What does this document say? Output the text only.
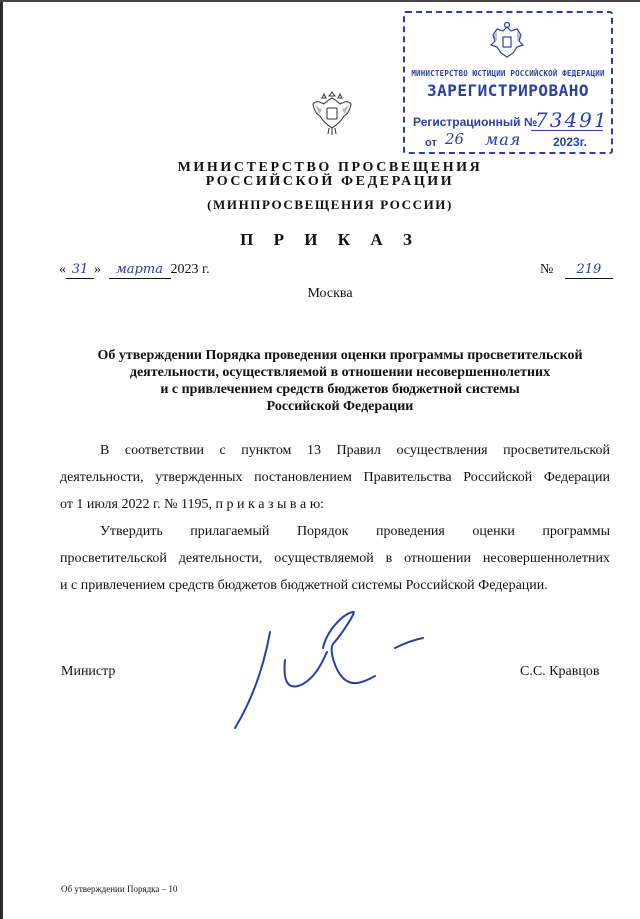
МИНИСТЕРСТВО ЮСТИЦИИ РОССИЙСКОЙ ФЕДЕРАЦИИ
ЗАРЕГИСТРИРОВАНО
Регистрационный №
73491
от 26 мая	2023г.
МИНИСТЕРСТВО ПРОСВЕЩЕНИЯ
РОССИЙСКОЙ ФЕДЕРАЦИИ
(МИНПРОСВЕЩЕНИЯ РОССИИ)
П Р И К А З
« 31 » марта 2023 г.	№ 219
Москва
Об утверждении Порядка проведения оценки программы просветительской
деятельности, осуществляемой в отношении несовершеннолетних
и с привлечением средств бюджетов бюджетной системы
Российской Федерации
В соответствии с пунктом 13 Правил осуществления просветительской
деятельности, утвержденных постановлением Правительства Российской Федерации
от 1 июля 2022 г. № 1195, п р и к а з ы в а ю:
Утвердить прилагаемый Порядок проведения оценки программы
просветительской деятельности, осуществляемой в отношении несовершеннолетних
и с привлечением средств бюджетов бюджетной системы Российской Федерации.
Министр	С.С. Кравцов
Об утверждении Порядка – 10
